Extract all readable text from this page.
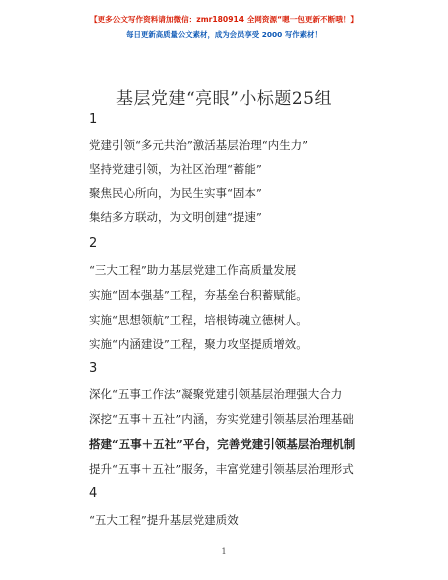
【更多公文写作资料请加微信：zmr180914 全网资源“嗯一包更新不断哦！】
每日更新高质量公文素材，成为会员享受 2000 写作素材！
基层党建“亮眼”小标题25组
1
党建引领“多元共治”激活基层治理“内生力”
坚持党建引领，为社区治理“蓄能”
聚焦民心所向，为民生实事“固本”
集结多方联动，为文明创建“提速”
2
“三大工程”助力基层党建工作高质量发展
实施“固本强基”工程，夯基垒台积蓄赋能。
实施“思想领航”工程，培根铸魂立德树人。
实施“内涵建设”工程，聚力攻坚提质增效。
3
深化“五事工作法”凝聚党建引领基层治理强大合力
深挖“五事＋五社”内涵，夯实党建引领基层治理基础
搭建“五事＋五社”平台，完善党建引领基层治理机制
提升“五事＋五社”服务，丰富党建引领基层治理形式
4
“五大工程”提升基层党建质效
1
